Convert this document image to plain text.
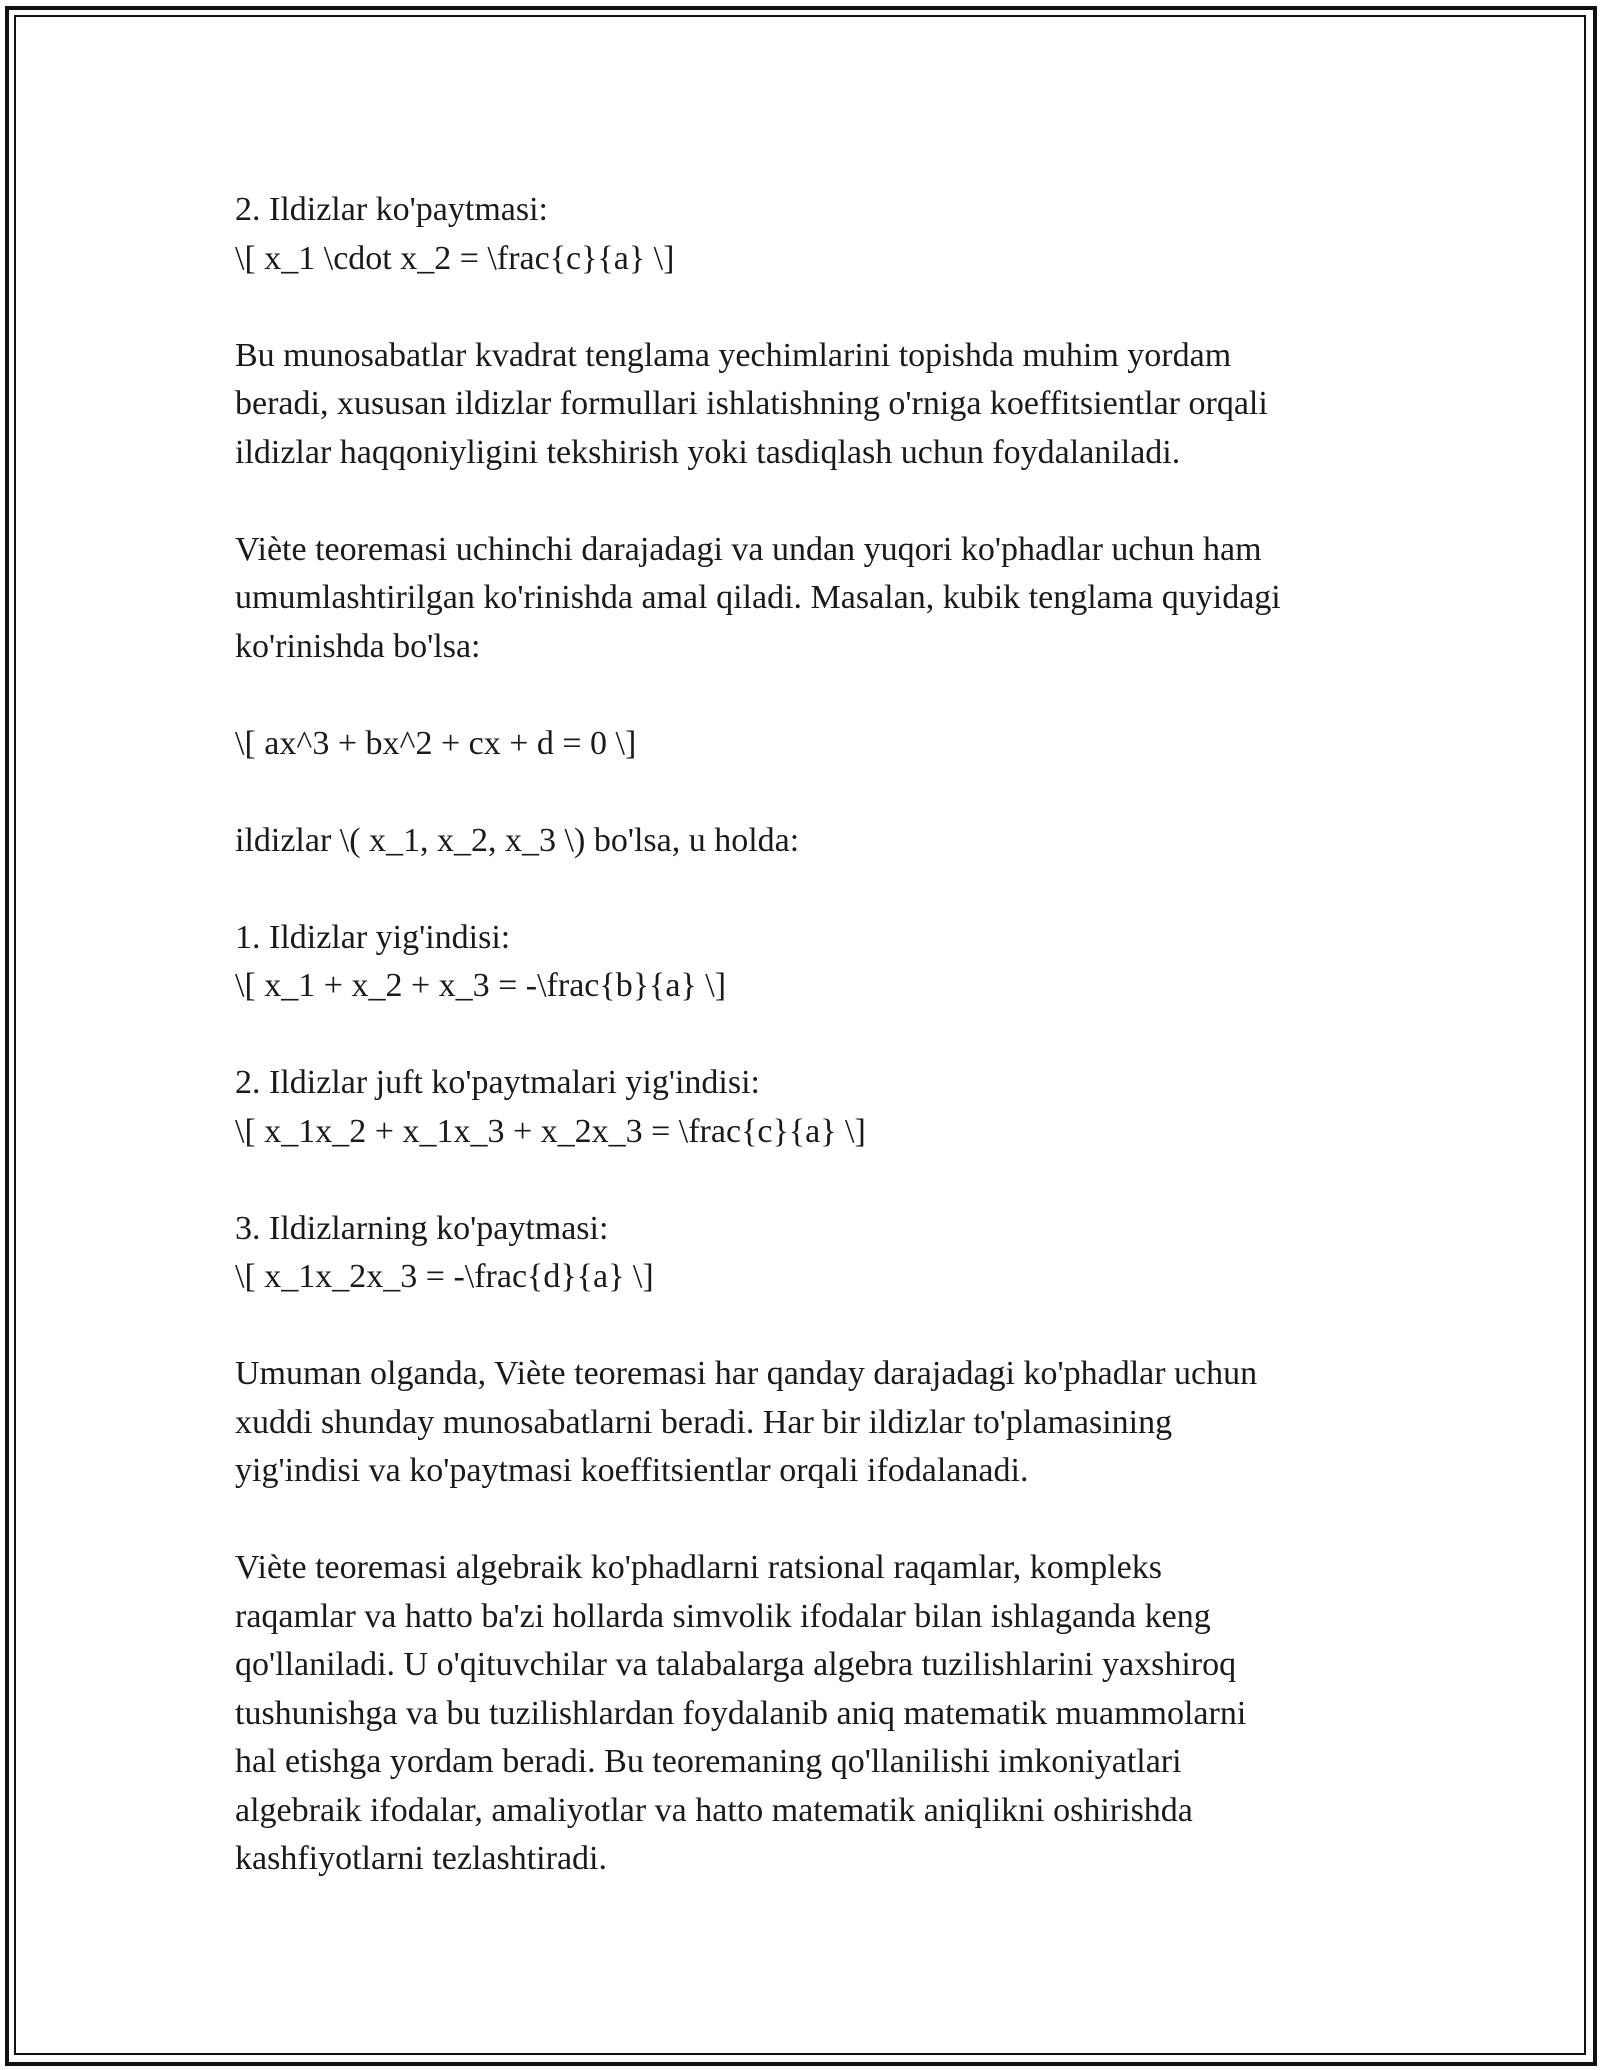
2. Ildizlar ko'paytmasi:
\[ x_1 \cdot x_2 = \frac{c}{a} \]

Bu munosabatlar kvadrat tenglama yechimlarini topishda muhim yordam
beradi, xususan ildizlar formullari ishlatishning o'rniga koeffitsientlar orqali
ildizlar haqqoniyligini tekshirish yoki tasdiqlash uchun foydalaniladi.

Viète teoremasi uchinchi darajadagi va undan yuqori ko'phadlar uchun ham
umumlashtirilgan ko'rinishda amal qiladi. Masalan, kubik tenglama quyidagi
ko'rinishda bo'lsa:

\[ ax^3 + bx^2 + cx + d = 0 \]

ildizlar \( x_1, x_2, x_3 \) bo'lsa, u holda:

1. Ildizlar yig'indisi:
\[ x_1 + x_2 + x_3 = -\frac{b}{a} \]

2. Ildizlar juft ko'paytmalari yig'indisi:
\[ x_1x_2 + x_1x_3 + x_2x_3 = \frac{c}{a} \]

3. Ildizlarning ko'paytmasi:
\[ x_1x_2x_3 = -\frac{d}{a} \]

Umuman olganda, Viète teoremasi har qanday darajadagi ko'phadlar uchun
xuddi shunday munosabatlarni beradi. Har bir ildizlar to'plamasining
yig'indisi va ko'paytmasi koeffitsientlar orqali ifodalanadi.

Viète teoremasi algebraik ko'phadlarni ratsional raqamlar, kompleks
raqamlar va hatto ba'zi hollarda simvolik ifodalar bilan ishlaganda keng
qo'llaniladi. U o'qituvchilar va talabalarga algebra tuzilishlarini yaxshiroq
tushunishga va bu tuzilishlardan foydalanib aniq matematik muammolarni
hal etishga yordam beradi. Bu teoremaning qo'llanilishi imkoniyatlari
algebraik ifodalar, amaliyotlar va hatto matematik aniqlikni oshirishda
kashfiyotlarni tezlashtiradi.
